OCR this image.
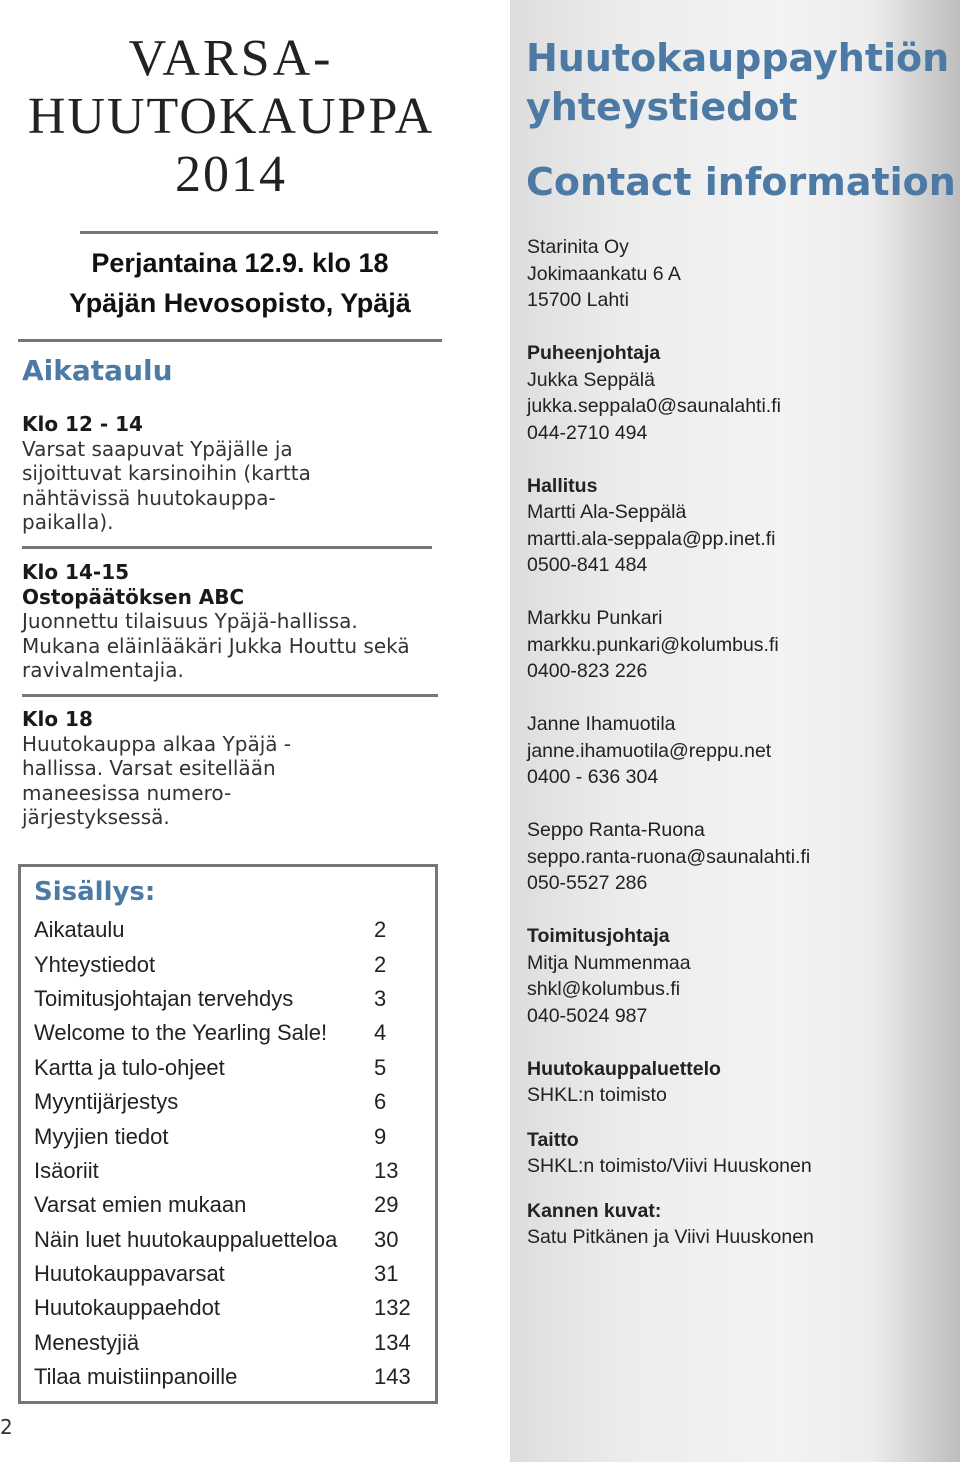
VARSA-
HUUTOKAUPPA
2014
Perjantaina 12.9. klo 18
Ypäjän Hevosopisto, Ypäjä
Aikataulu
Klo 12 - 14
Varsat saapuvat Ypäjälle ja
sijoittuvat karsinoihin (kartta
nähtävissä huutokauppa-
paikalla).
Klo 14-15
Ostopäätöksen ABC
Juonnettu tilaisuus Ypäjä-hallissa.
Mukana eläinlääkäri Jukka Houttu sekä
ravivalmentajia.
Klo 18
Huutokauppa alkaa Ypäjä -
hallissa. Varsat esitellään
maneesissa numero-
järjestyksessä.
Sisällys:
Aikataulu	2
Yhteystiedot	2
Toimitusjohtajan tervehdys	3
Welcome to the Yearling Sale!	4
Kartta ja tulo-ohjeet	5
Myyntijärjestys	6
Myyjien tiedot	9
Isäoriit	13
Varsat emien mukaan	29
Näin luet huutokauppaluetteloa	30
Huutokauppavarsat	31
Huutokauppaehdot	132
Menestyjiä	134
Tilaa muistiinpanoille	143
2
Huutokauppayhtiön
yhteystiedot
Contact information
Starinita Oy
Jokimaankatu 6 A
15700 Lahti
Puheenjohtaja
Jukka Seppälä
jukka.seppala0@saunalahti.fi
044-2710 494
Hallitus
Martti Ala-Seppälä
martti.ala-seppala@pp.inet.fi
0500-841 484
Markku Punkari
markku.punkari@kolumbus.fi
0400-823 226
Janne Ihamuotila
janne.ihamuotila@reppu.net
0400 - 636 304
Seppo Ranta-Ruona
seppo.ranta-ruona@saunalahti.fi
050-5527 286
Toimitusjohtaja
Mitja Nummenmaa
shkl@kolumbus.fi
040-5024 987
Huutokauppaluettelo
SHKL:n toimisto
Taitto
SHKL:n toimisto/Viivi Huuskonen
Kannen kuvat:
Satu Pitkänen ja Viivi Huuskonen
